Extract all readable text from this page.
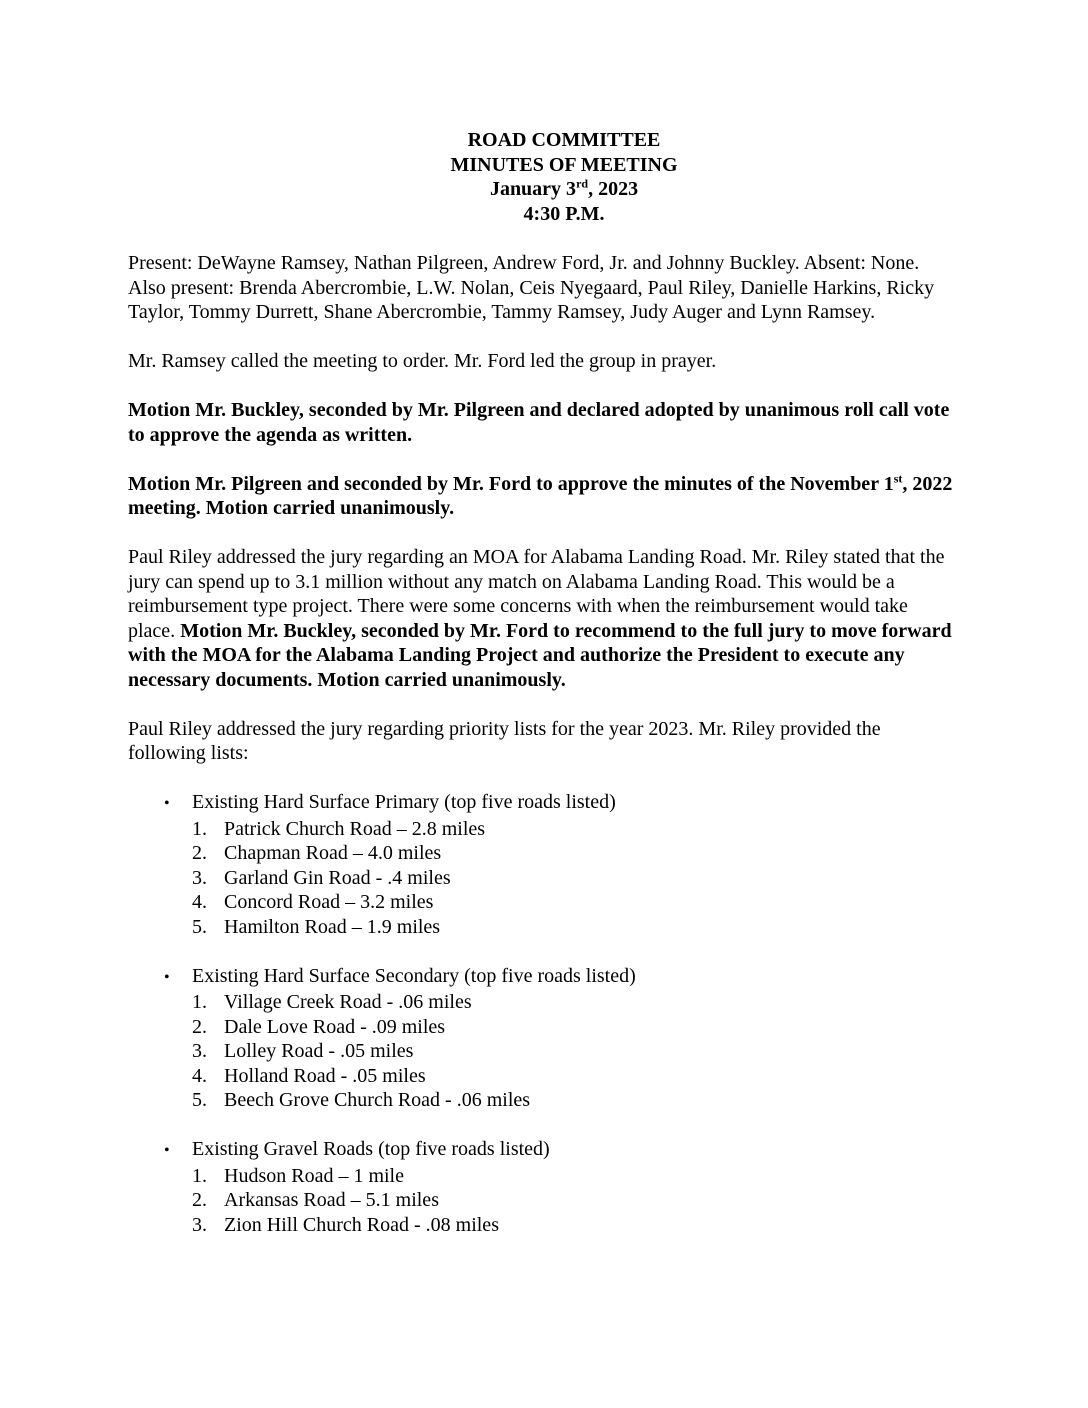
ROAD COMMITTEE
MINUTES OF MEETING
January 3rd, 2023
4:30 P.M.

Present: DeWayne Ramsey, Nathan Pilgreen, Andrew Ford, Jr. and Johnny Buckley. Absent: None. Also present: Brenda Abercrombie, L.W. Nolan, Ceis Nyegaard, Paul Riley, Danielle Harkins, Ricky Taylor, Tommy Durrett, Shane Abercrombie, Tammy Ramsey, Judy Auger and Lynn Ramsey.

Mr. Ramsey called the meeting to order. Mr. Ford led the group in prayer.

Motion Mr. Buckley, seconded by Mr. Pilgreen and declared adopted by unanimous roll call vote to approve the agenda as written.

Motion Mr. Pilgreen and seconded by Mr. Ford to approve the minutes of the November 1st, 2022 meeting. Motion carried unanimously.

Paul Riley addressed the jury regarding an MOA for Alabama Landing Road. Mr. Riley stated that the jury can spend up to 3.1 million without any match on Alabama Landing Road. This would be a reimbursement type project. There were some concerns with when the reimbursement would take place. Motion Mr. Buckley, seconded by Mr. Ford to recommend to the full jury to move forward with the MOA for the Alabama Landing Project and authorize the President to execute any necessary documents. Motion carried unanimously.

Paul Riley addressed the jury regarding priority lists for the year 2023. Mr. Riley provided the following lists:

•	Existing Hard Surface Primary (top five roads listed)
1. Patrick Church Road – 2.8 miles
2. Chapman Road – 4.0 miles
3. Garland Gin Road - .4 miles
4. Concord Road – 3.2 miles
5. Hamilton Road – 1.9 miles
•	Existing Hard Surface Secondary (top five roads listed)
1. Village Creek Road - .06 miles
2. Dale Love Road - .09 miles
3. Lolley Road - .05 miles
4. Holland Road - .05 miles
5. Beech Grove Church Road - .06 miles
•	Existing Gravel Roads (top five roads listed)
1. Hudson Road – 1 mile
2. Arkansas Road – 5.1 miles
3. Zion Hill Church Road - .08 miles
